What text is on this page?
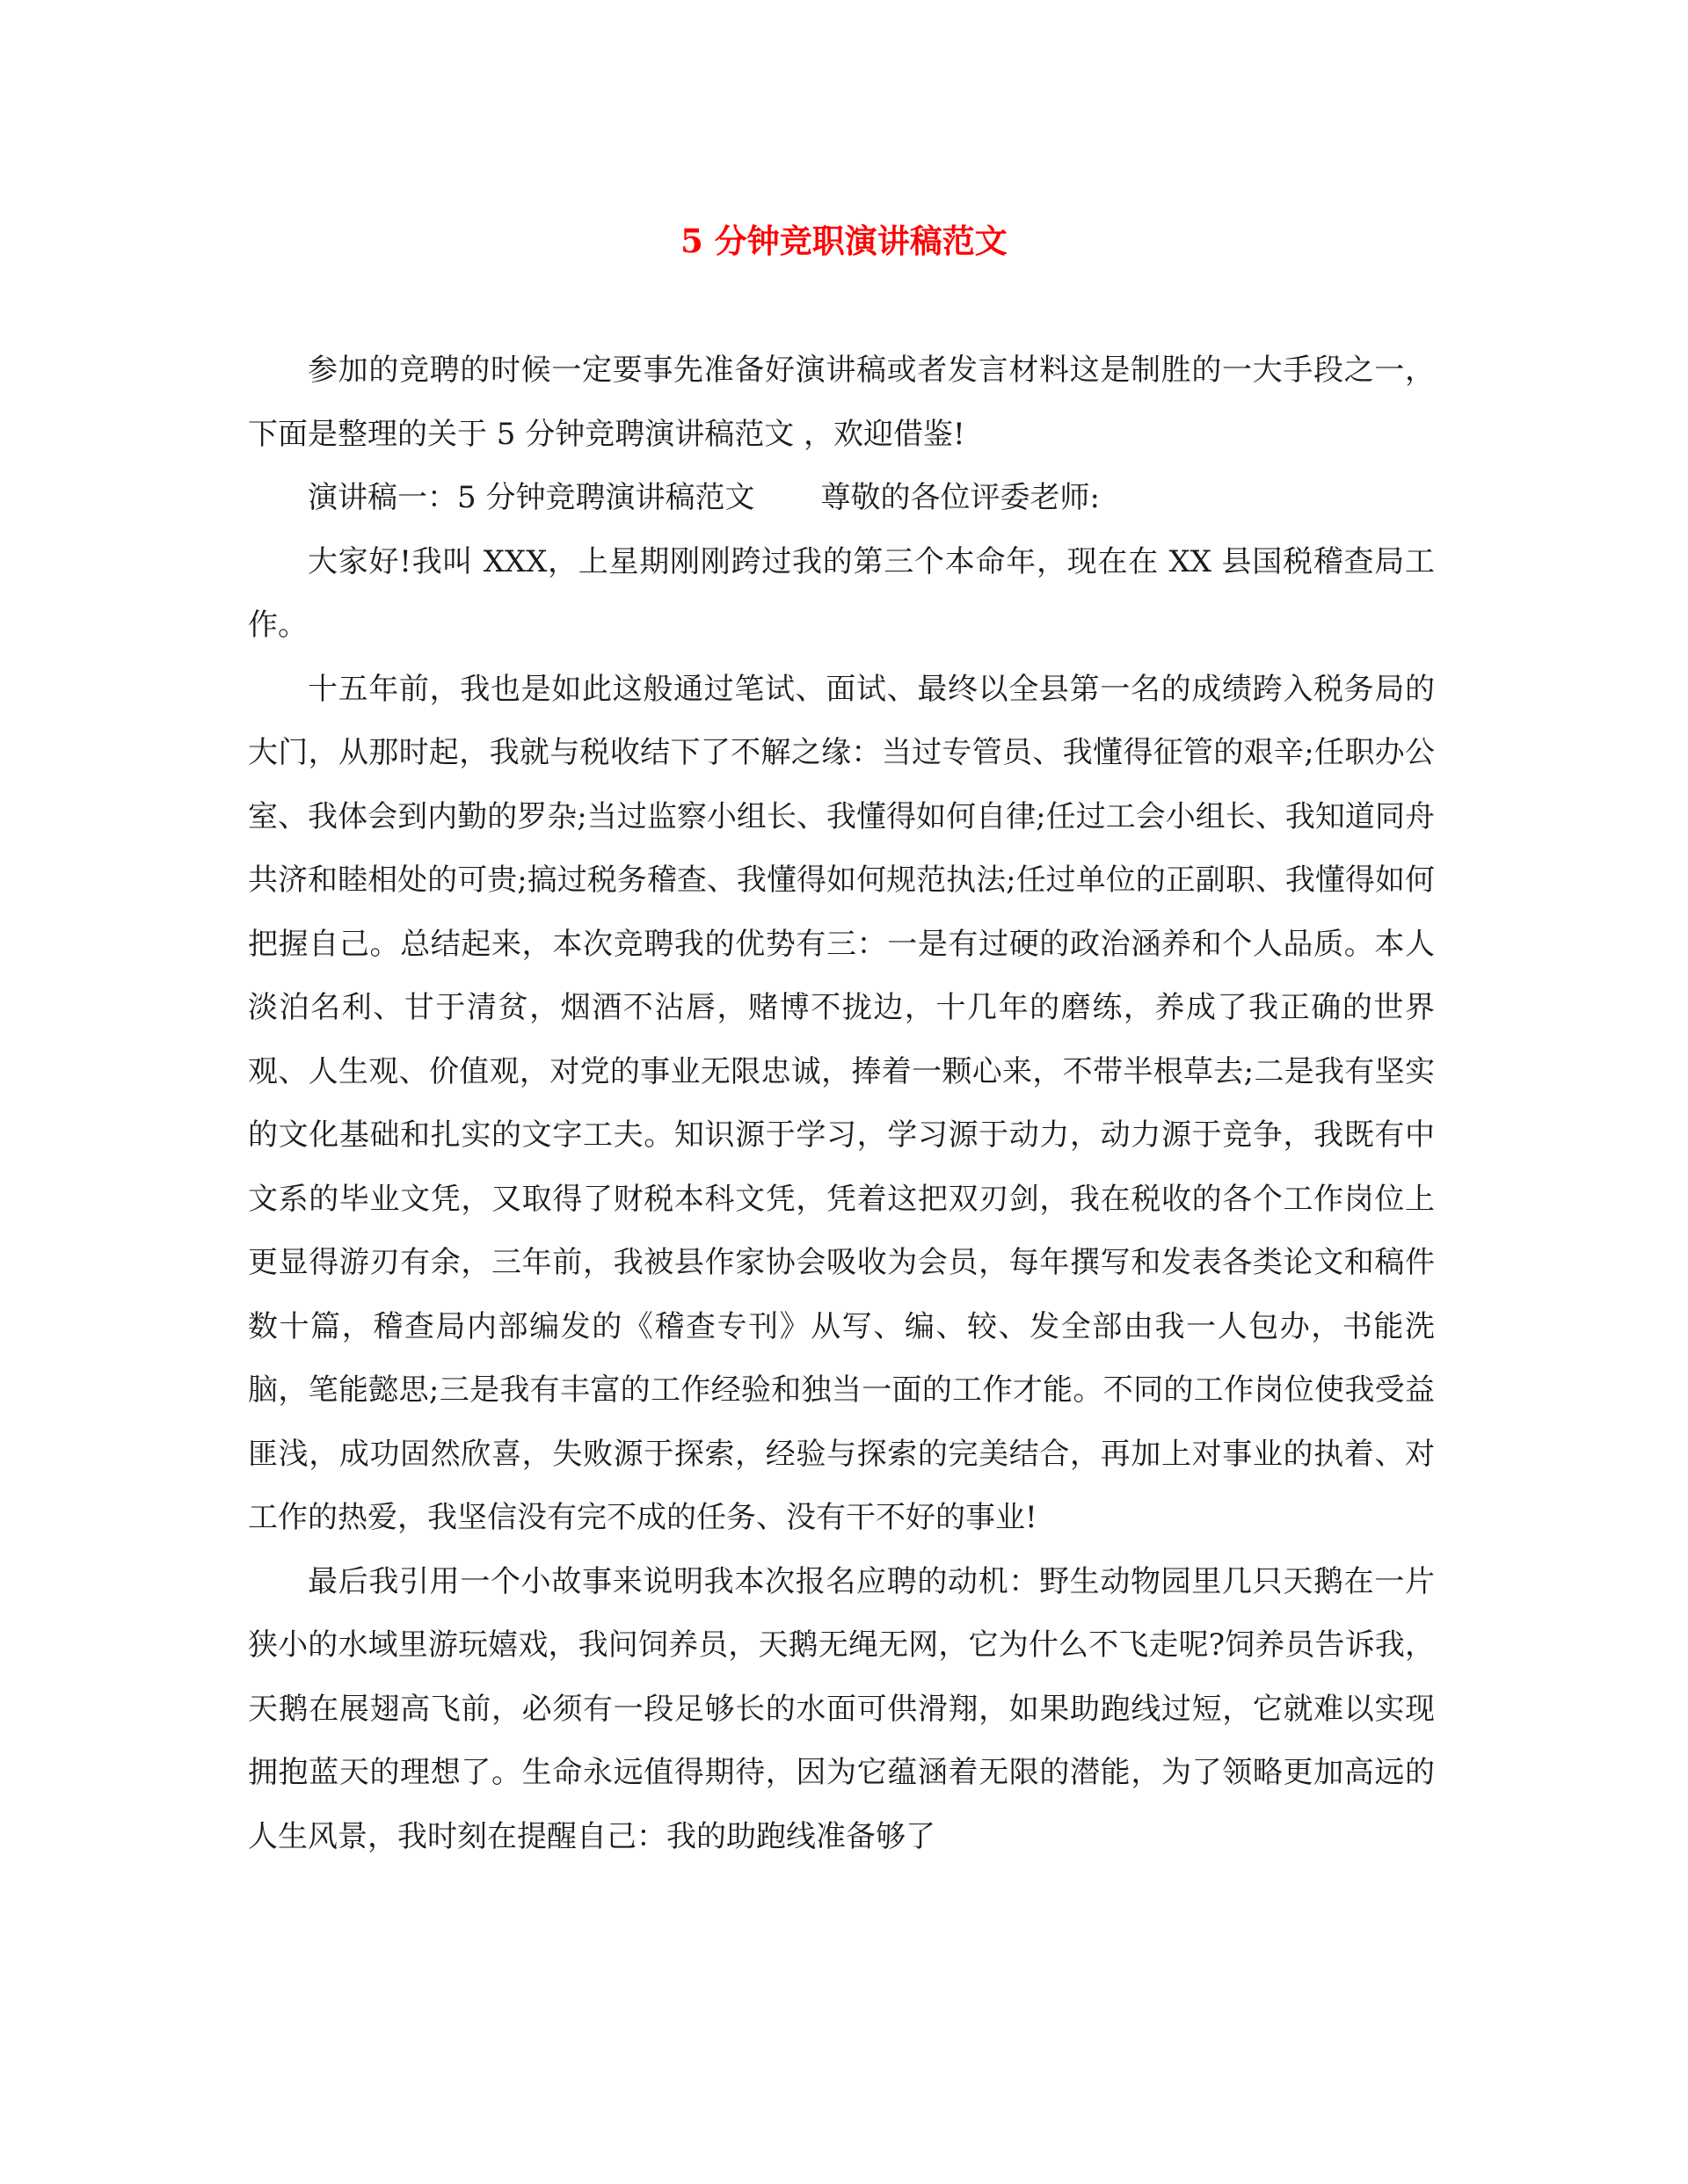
5 分钟竞职演讲稿范文

参加的竞聘的时候一定要事先准备好演讲稿或者发言材料这是制胜的一大手段之一，下面是整理的关于 5 分钟竞聘演讲稿范文 ，欢迎借鉴!

演讲稿一：5 分钟竞聘演讲稿范文 尊敬的各位评委老师:

大家好!我叫 XXX，上星期刚刚跨过我的第三个本命年，现在在 XX 县国税稽查局工作。

十五年前，我也是如此这般通过笔试、面试、最终以全县第一名的成绩跨入税务局的大门，从那时起，我就与税收结下了不解之缘：当过专管员、我懂得征管的艰辛;任职办公室、我体会到内勤的罗杂;当过监察小组长、我懂得如何自律;任过工会小组长、我知道同舟共济和睦相处的可贵;搞过税务稽查、我懂得如何规范执法;任过单位的正副职、我懂得如何把握自己。总结起来，本次竞聘我的优势有三：一是有过硬的政治涵养和个人品质。本人淡泊名利、甘于清贫，烟酒不沾唇，赌博不拢边，十几年的磨练，养成了我正确的世界观、人生观、价值观，对党的事业无限忠诚，捧着一颗心来，不带半根草去;二是我有坚实的文化基础和扎实的文字工夫。知识源于学习，学习源于动力，动力源于竞争，我既有中文系的毕业文凭，又取得了财税本科文凭，凭着这把双刃剑，我在税收的各个工作岗位上更显得游刃有余，三年前，我被县作家协会吸收为会员，每年撰写和发表各类论文和稿件数十篇，稽查局内部编发的《稽查专刊》从写、编、较、发全部由我一人包办，书能洗脑，笔能懿思;三是我有丰富的工作经验和独当一面的工作才能。不同的工作岗位使我受益匪浅，成功固然欣喜，失败源于探索，经验与探索的完美结合，再加上对事业的执着、对工作的热爱，我坚信没有完不成的任务、没有干不好的事业!

最后我引用一个小故事来说明我本次报名应聘的动机：野生动物园里几只天鹅在一片狭小的水域里游玩嬉戏，我问饲养员，天鹅无绳无网，它为什么不飞走呢?饲养员告诉我，天鹅在展翅高飞前，必须有一段足够长的水面可供滑翔，如果助跑线过短，它就难以实现拥抱蓝天的理想了。生命永远值得期待，因为它蕴涵着无限的潜能，为了领略更加高远的人生风景，我时刻在提醒自己：我的助跑线准备够了
